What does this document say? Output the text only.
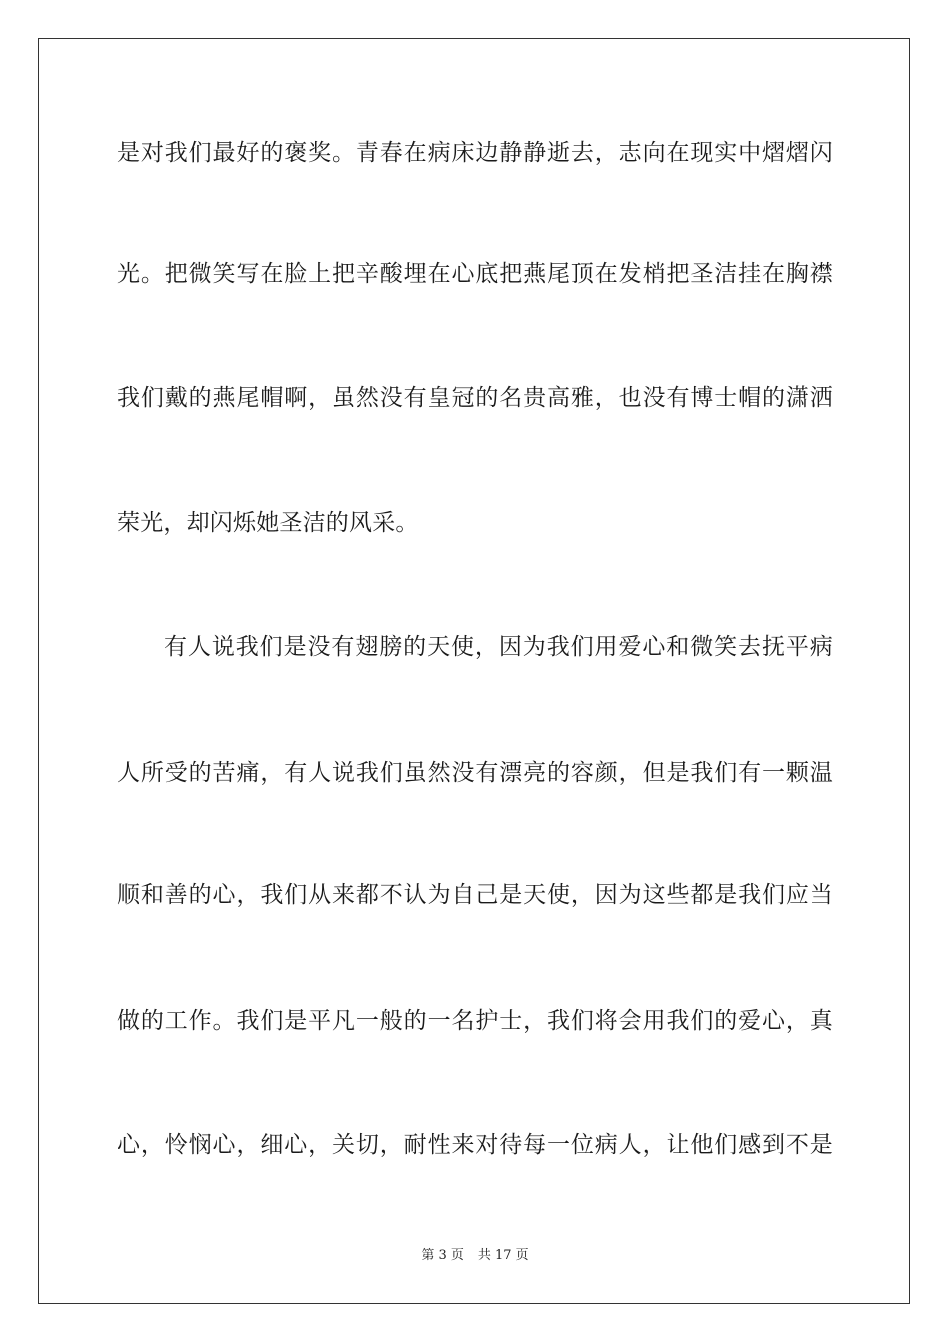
是对我们最好的褒奖。青春在病床边静静逝去，志向在现实中熠熠闪
光。把微笑写在脸上把辛酸埋在心底把燕尾顶在发梢把圣洁挂在胸襟
我们戴的燕尾帽啊，虽然没有皇冠的名贵高雅，也没有博士帽的潇洒
荣光，却闪烁她圣洁的风采。
有人说我们是没有翅膀的天使，因为我们用爱心和微笑去抚平病
人所受的苦痛，有人说我们虽然没有漂亮的容颜，但是我们有一颗温
顺和善的心，我们从来都不认为自己是天使，因为这些都是我们应当
做的工作。我们是平凡一般的一名护士，我们将会用我们的爱心，真
心，怜悯心，细心，关切，耐性来对待每一位病人，让他们感到不是
第 3 页 共 17 页
